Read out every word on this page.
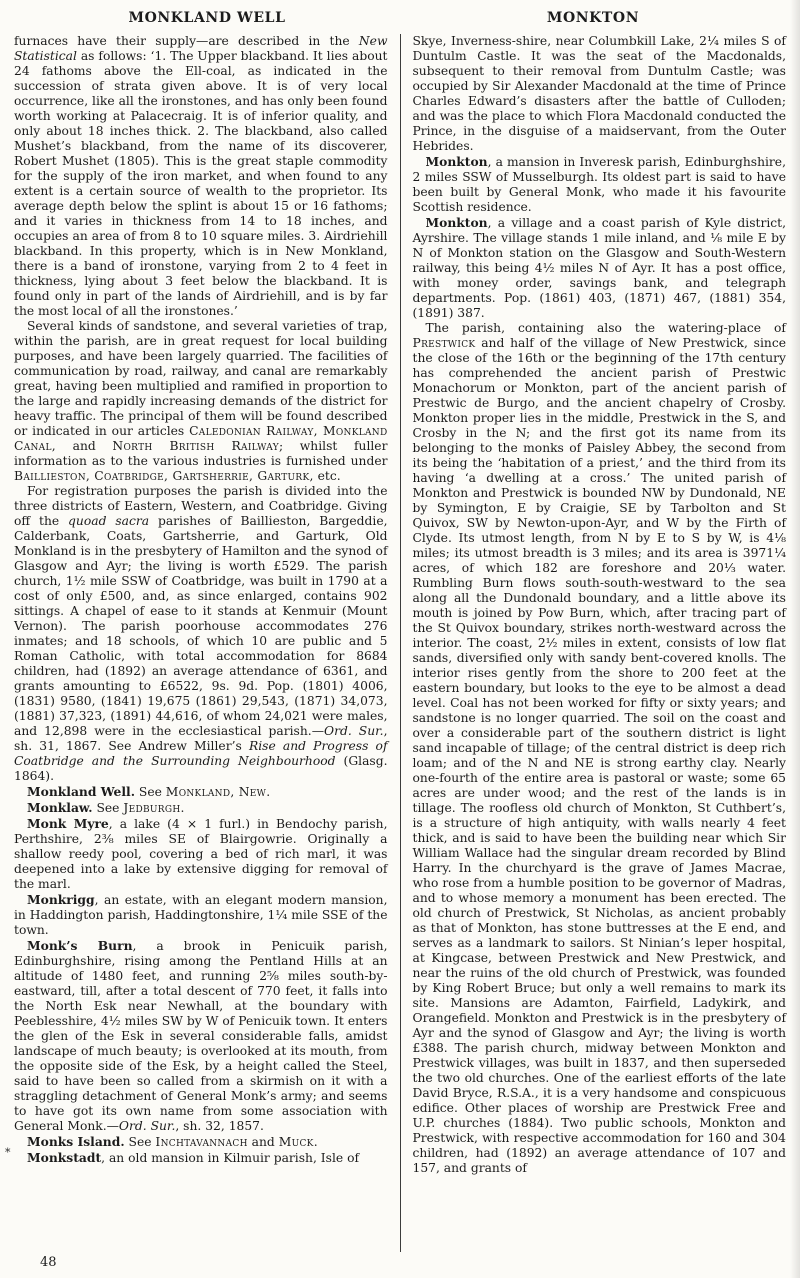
MONKLAND WELL	MONKTON

furnaces have their supply—are described in the New Statistical as follows: ‘1. The Upper blackband. It lies about 24 fathoms above the Ell-coal, as indicated in the succession of strata given above. It is of very local occurrence, like all the ironstones, and has only been found worth working at Palacecraig. It is of inferior quality, and only about 18 inches thick. 2. The blackband, also called Mushet’s blackband, from the name of its discoverer, Robert Mushet (1805). This is the great staple commodity for the supply of the iron market, and when found to any extent is a certain source of wealth to the proprietor. Its average depth below the splint is about 15 or 16 fathoms; and it varies in thickness from 14 to 18 inches, and occupies an area of from 8 to 10 square miles. 3. Airdriehill blackband. In this property, which is in New Monkland, there is a band of ironstone, varying from 2 to 4 feet in thickness, lying about 3 feet below the blackband. It is found only in part of the lands of Airdriehill, and is by far the most local of all the ironstones.’

Several kinds of sandstone, and several varieties of trap, within the parish, are in great request for local building purposes, and have been largely quarried. The facilities of communication by road, railway, and canal are remarkably great, having been multiplied and ramified in proportion to the large and rapidly increasing demands of the district for heavy traffic. The principal of them will be found described or indicated in our articles Caledonian Railway, Monkland Canal, and North British Railway; whilst fuller information as to the various industries is furnished under Baillieston, Coatbridge, Gartsherrie, Garturk, etc.

For registration purposes the parish is divided into the three districts of Eastern, Western, and Coatbridge. Giving off the quoad sacra parishes of Baillieston, Bargeddie, Calderbank, Coats, Gartsherrie, and Garturk, Old Monkland is in the presbytery of Hamilton and the synod of Glasgow and Ayr; the living is worth £529. The parish church, 1½ mile SSW of Coatbridge, was built in 1790 at a cost of only £500, and, as since enlarged, contains 902 sittings. A chapel of ease to it stands at Kenmuir (Mount Vernon). The parish poorhouse accommodates 276 inmates; and 18 schools, of which 10 are public and 5 Roman Catholic, with total accommodation for 8684 children, had (1892) an average attendance of 6361, and grants amounting to £6522, 9s. 9d. Pop. (1801) 4006, (1831) 9580, (1841) 19,675 (1861) 29,543, (1871) 34,073, (1881) 37,323, (1891) 44,616, of whom 24,021 were males, and 12,898 were in the ecclesiastical parish.—Ord. Sur., sh. 31, 1867. See Andrew Miller’s Rise and Progress of Coatbridge and the Surrounding Neighbourhood (Glasg. 1864).

Monkland Well. See Monkland, New.

Monklaw. See Jedburgh.

Monk Myre, a lake (4 × 1 furl.) in Bendochy parish, Perthshire, 2⅜ miles SE of Blairgowrie. Originally a shallow reedy pool, covering a bed of rich marl, it was deepened into a lake by extensive digging for removal of the marl.

Monkrigg, an estate, with an elegant modern mansion, in Haddington parish, Haddingtonshire, 1¼ mile SSE of the town.

Monk’s Burn, a brook in Penicuik parish, Edinburghshire, rising among the Pentland Hills at an altitude of 1480 feet, and running 2⅝ miles south-by-eastward, till, after a total descent of 770 feet, it falls into the North Esk near Newhall, at the boundary with Peeblesshire, 4½ miles SW by W of Penicuik town. It enters the glen of the Esk in several considerable falls, amidst landscape of much beauty; is overlooked at its mouth, from the opposite side of the Esk, by a height called the Steel, said to have been so called from a skirmish on it with a straggling detachment of General Monk’s army; and seems to have got its own name from some association with General Monk.—Ord. Sur., sh. 32, 1857.

Monks Island. See Inchtavannach and Muck.

Monkstadt, an old mansion in Kilmuir parish, Isle of

Skye, Inverness-shire, near Columbkill Lake, 2¼ miles S of Duntulm Castle. It was the seat of the Macdonalds, subsequent to their removal from Duntulm Castle; was occupied by Sir Alexander Macdonald at the time of Prince Charles Edward’s disasters after the battle of Culloden; and was the place to which Flora Macdonald conducted the Prince, in the disguise of a maidservant, from the Outer Hebrides.

Monkton, a mansion in Inveresk parish, Edinburghshire, 2 miles SSW of Musselburgh. Its oldest part is said to have been built by General Monk, who made it his favourite Scottish residence.

Monkton, a village and a coast parish of Kyle district, Ayrshire. The village stands 1 mile inland, and ⅛ mile E by N of Monkton station on the Glasgow and South-Western railway, this being 4½ miles N of Ayr. It has a post office, with money order, savings bank, and telegraph departments. Pop. (1861) 403, (1871) 467, (1881) 354, (1891) 387.

The parish, containing also the watering-place of Prestwick and half of the village of New Prestwick, since the close of the 16th or the beginning of the 17th century has comprehended the ancient parish of Prestwic Monachorum or Monkton, part of the ancient parish of Prestwic de Burgo, and the ancient chapelry of Crosby. Monkton proper lies in the middle, Prestwick in the S, and Crosby in the N; and the first got its name from its belonging to the monks of Paisley Abbey, the second from its being the ‘habitation of a priest,’ and the third from its having ‘a dwelling at a cross.’ The united parish of Monkton and Prestwick is bounded NW by Dundonald, NE by Symington, E by Craigie, SE by Tarbolton and St Quivox, SW by Newton-upon-Ayr, and W by the Firth of Clyde. Its utmost length, from N by E to S by W, is 4⅛ miles; its utmost breadth is 3 miles; and its area is 3971¼ acres, of which 182 are foreshore and 20⅓ water. Rumbling Burn flows south-south-westward to the sea along all the Dundonald boundary, and a little above its mouth is joined by Pow Burn, which, after tracing part of the St Quivox boundary, strikes north-westward across the interior. The coast, 2½ miles in extent, consists of low flat sands, diversified only with sandy bent-covered knolls. The interior rises gently from the shore to 200 feet at the eastern boundary, but looks to the eye to be almost a dead level. Coal has not been worked for fifty or sixty years; and sandstone is no longer quarried. The soil on the coast and over a considerable part of the southern district is light sand incapable of tillage; of the central district is deep rich loam; and of the N and NE is strong earthy clay. Nearly one-fourth of the entire area is pastoral or waste; some 65 acres are under wood; and the rest of the lands is in tillage. The roofless old church of Monkton, St Cuthbert’s, is a structure of high antiquity, with walls nearly 4 feet thick, and is said to have been the building near which Sir William Wallace had the singular dream recorded by Blind Harry. In the churchyard is the grave of James Macrae, who rose from a humble position to be governor of Madras, and to whose memory a monument has been erected. The old church of Prestwick, St Nicholas, as ancient probably as that of Monkton, has stone buttresses at the E end, and serves as a landmark to sailors. St Ninian’s leper hospital, at Kingcase, between Prestwick and New Prestwick, and near the ruins of the old church of Prestwick, was founded by King Robert Bruce; but only a well remains to mark its site. Mansions are Adamton, Fairfield, Ladykirk, and Orangefield. Monkton and Prestwick is in the presbytery of Ayr and the synod of Glasgow and Ayr; the living is worth £388. The parish church, midway between Monkton and Prestwick villages, was built in 1837, and then superseded the two old churches. One of the earliest efforts of the late David Bryce, R.S.A., it is a very handsome and conspicuous edifice. Other places of worship are Prestwick Free and U.P. churches (1884). Two public schools, Monkton and Prestwick, with respective accommodation for 160 and 304 children, had (1892) an average attendance of 107 and 157, and grants of

*
48
